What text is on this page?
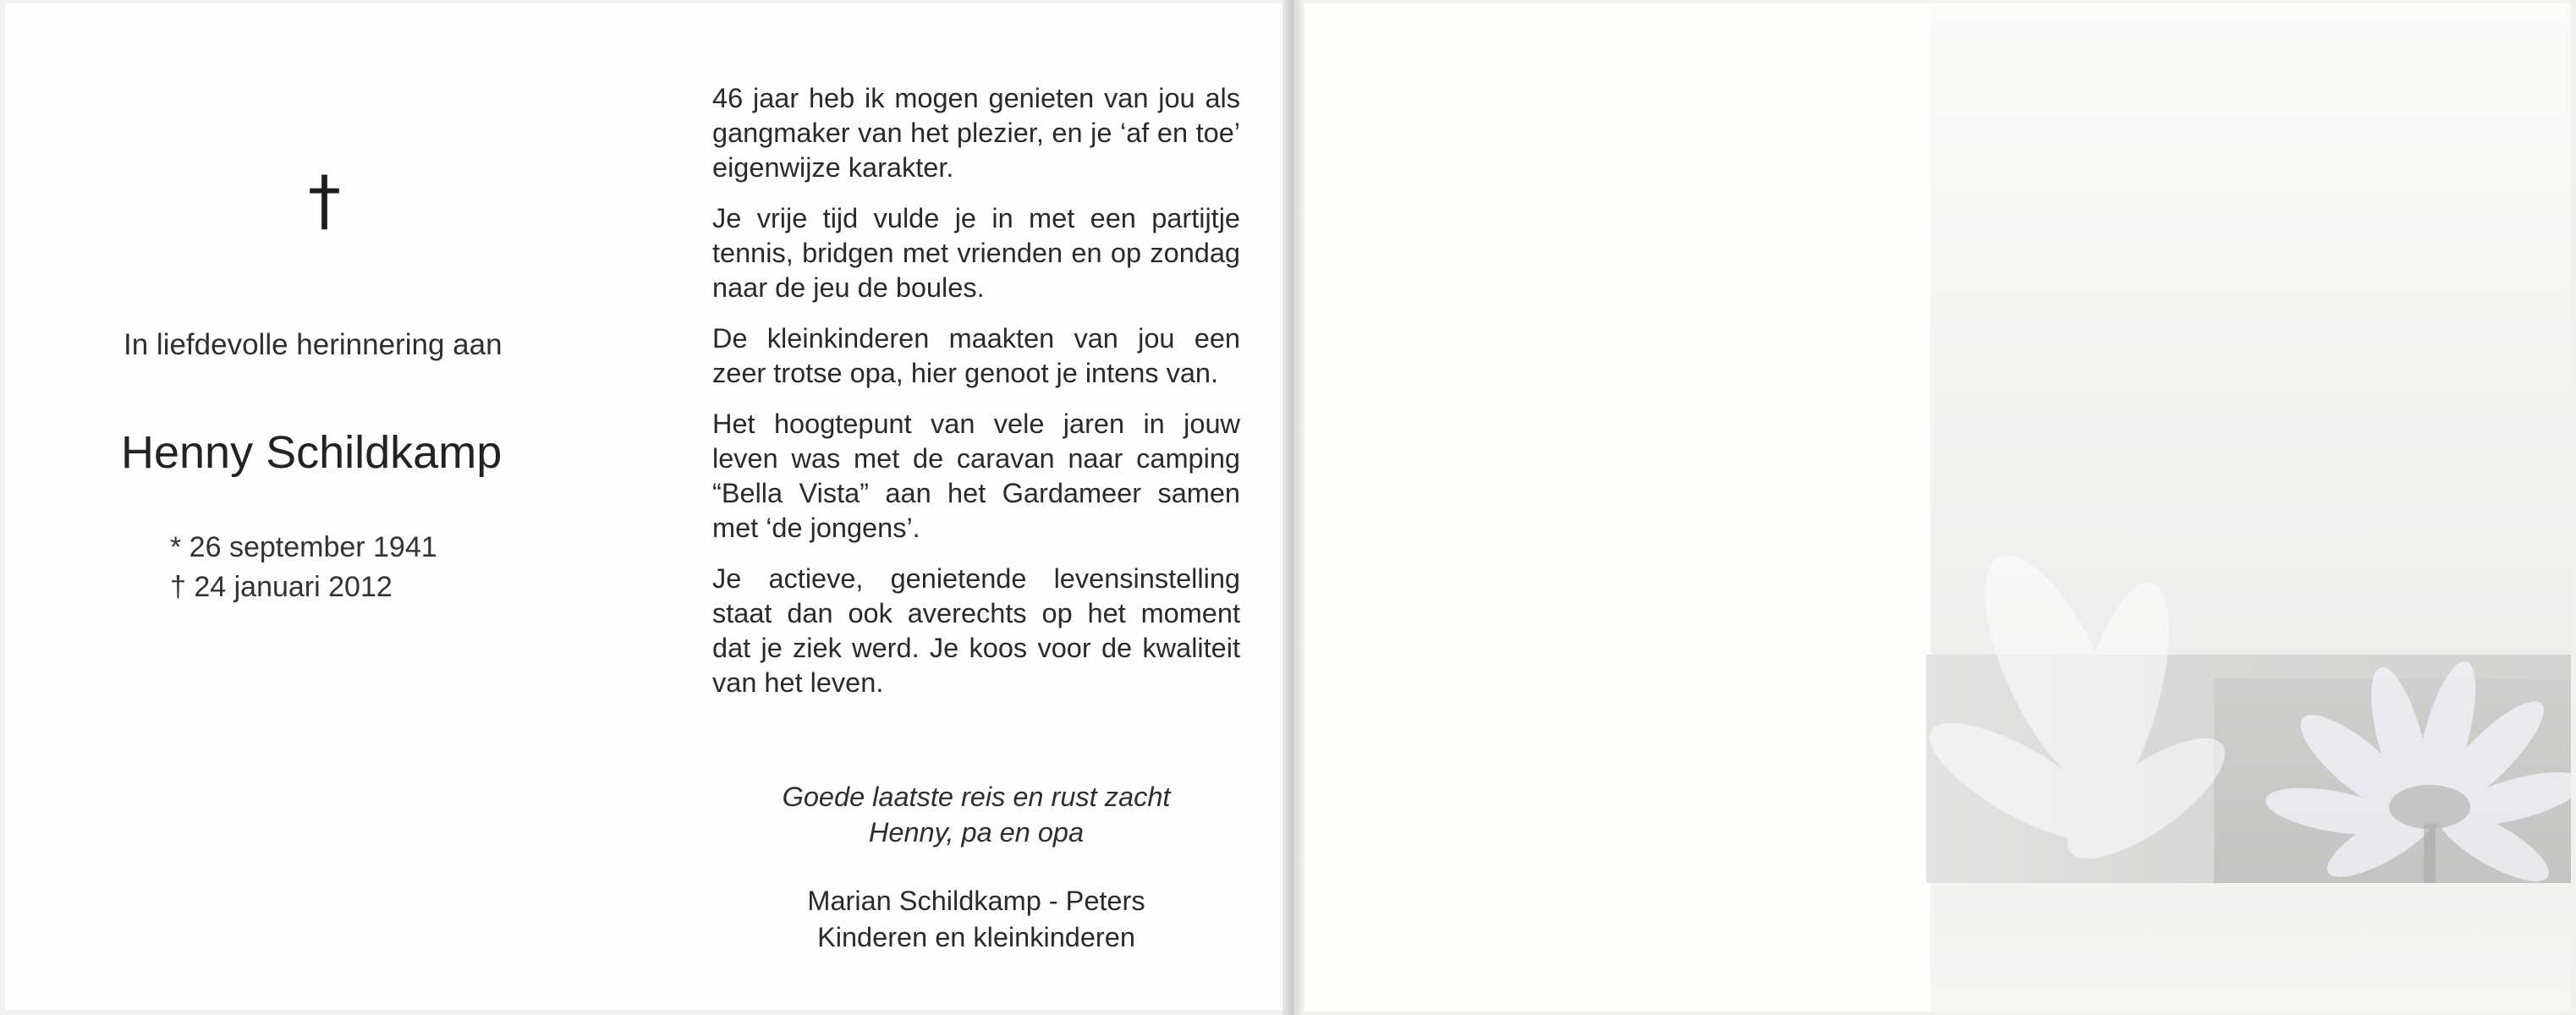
†
In liefdevolle herinnering aan
Henny Schildkamp
* 26 september 1941
† 24 januari 2012

46 jaar heb ik mogen genieten van jou als gangmaker van het plezier, en je ‘af en toe’ eigenwijze karakter.

Je vrije tijd vulde je in met een partijtje tennis, bridgen met vrienden en op zondag naar de jeu de boules.

De kleinkinderen maakten van jou een zeer trotse opa, hier genoot je intens van.

Het hoogtepunt van vele jaren in jouw leven was met de caravan naar camping “Bella Vista” aan het Gardameer samen met ‘de jongens’.

Je actieve, genietende levensinstelling staat dan ook averechts op het moment dat je ziek werd. Je koos voor de kwaliteit van het leven.

Goede laatste reis en rust zacht
Henny, pa en opa
Marian Schildkamp - Peters
Kinderen en kleinkinderen
